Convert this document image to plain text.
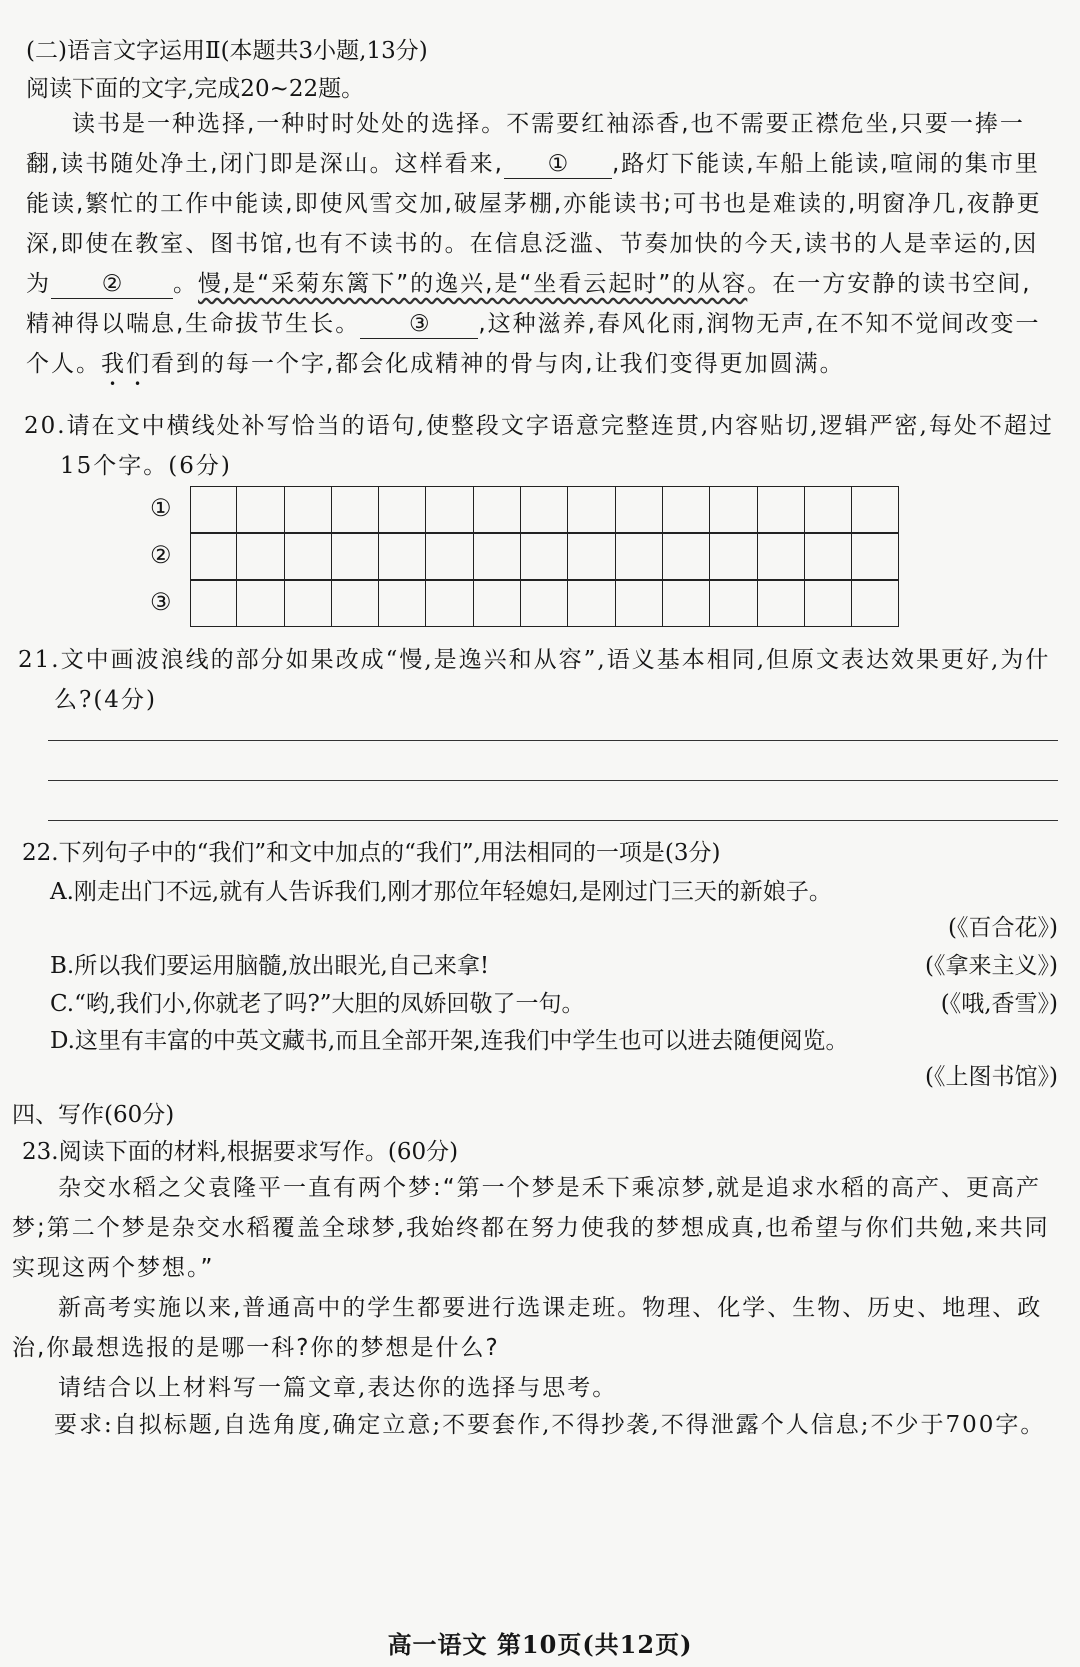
(二)语言文字运用Ⅱ(本题共3小题,13分)
阅读下面的文字,完成20~22题。
读书是一种选择,一种时时处处的选择。不需要红袖添香,也不需要正襟危坐,只要一捧一翻,读书随处净土,闭门即是深山。这样看来, ① ,路灯下能读,车船上能读,喧闹的集市里能读,繁忙的工作中能读,即使风雪交加,破屋茅棚,亦能读书;可书也是难读的,明窗净几,夜静更深,即使在教室、图书馆,也有不读书的。在信息泛滥、节奏加快的今天,读书的人是幸运的,因为 ② 。慢,是“采菊东篱下”的逸兴,是“坐看云起时”的从容。在一方安静的读书空间,精神得以喘息,生命拔节生长。 ③ ,这种滋养,春风化雨,润物无声,在不知不觉间改变一个人。我们看到的每一个字,都会化成精神的骨与肉,让我们变得更加圆满。
20.请在文中横线处补写恰当的语句,使整段文字语意完整连贯,内容贴切,逻辑严密,每处不超过15个字。(6分)
①
②
③
21.文中画波浪线的部分如果改成“慢,是逸兴和从容”,语义基本相同,但原文表达效果更好,为什么?(4分)
22.下列句子中的“我们”和文中加点的“我们”,用法相同的一项是(3分)
A.刚走出门不远,就有人告诉我们,刚才那位年轻媳妇,是刚过门三天的新娘子。
(《百合花》)
B.所以我们要运用脑髓,放出眼光,自己来拿!	(《拿来主义》)
C.“哟,我们小,你就老了吗?”大胆的凤娇回敬了一句。	(《哦,香雪》)
D.这里有丰富的中英文藏书,而且全部开架,连我们中学生也可以进去随便阅览。
(《上图书馆》)
四、写作(60分)
23.阅读下面的材料,根据要求写作。(60分)
杂交水稻之父袁隆平一直有两个梦:“第一个梦是禾下乘凉梦,就是追求水稻的高产、更高产梦;第二个梦是杂交水稻覆盖全球梦,我始终都在努力使我的梦想成真,也希望与你们共勉,来共同实现这两个梦想。”
新高考实施以来,普通高中的学生都要进行选课走班。物理、化学、生物、历史、地理、政治,你最想选报的是哪一科?你的梦想是什么?
请结合以上材料写一篇文章,表达你的选择与思考。
要求:自拟标题,自选角度,确定立意;不要套作,不得抄袭,不得泄露个人信息;不少于700字。
高一语文 第10页(共12页)
